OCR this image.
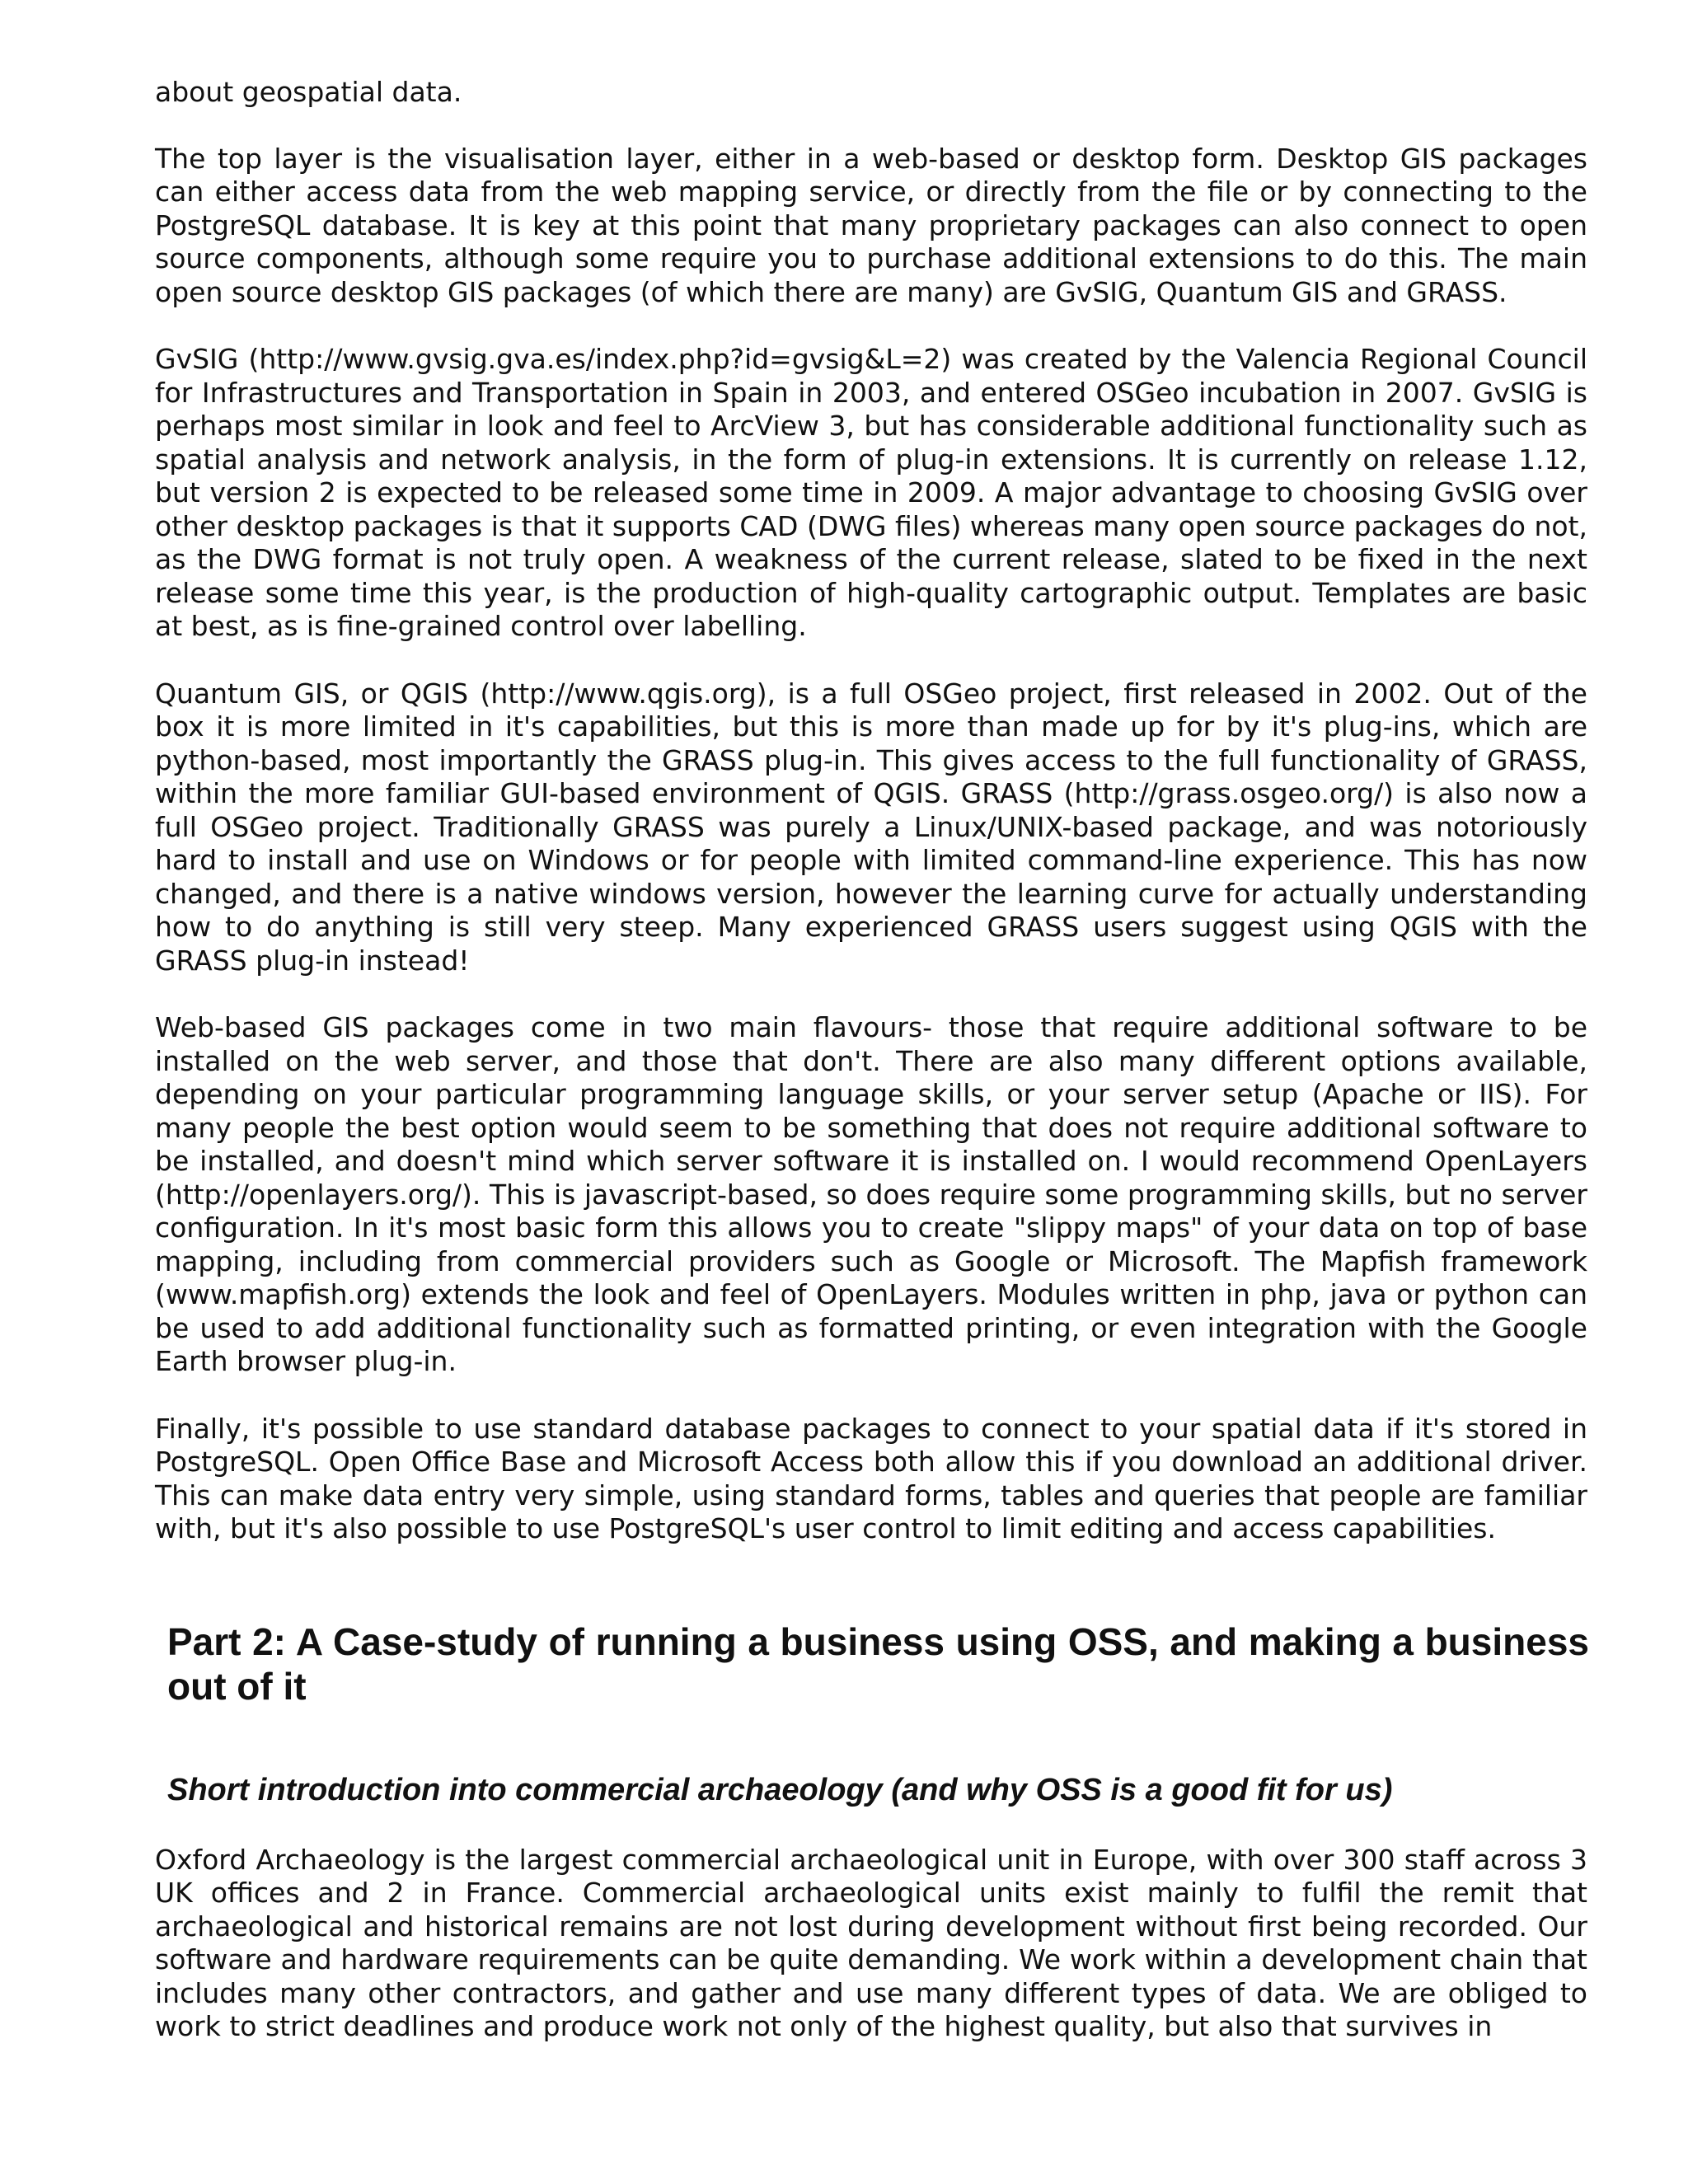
about geospatial data.

The top layer is the visualisation layer, either in a web-based or desktop form. Desktop GIS packages can either access data from the web mapping service, or directly from the file or by connecting to the PostgreSQL database. It is key at this point that many proprietary packages can also connect to open source components, although some require you to purchase additional extensions to do this. The main open source desktop GIS packages (of which there are many) are GvSIG, Quantum GIS and GRASS.

GvSIG (http://www.gvsig.gva.es/index.php?id=gvsig&L=2) was created by the Valencia Regional Council for Infrastructures and Transportation in Spain in 2003, and entered OSGeo incubation in 2007. GvSIG is perhaps most similar in look and feel to ArcView 3, but has considerable additional functionality such as spatial analysis and network analysis, in the form of plug-in extensions. It is currently on release 1.12, but version 2 is expected to be released some time in 2009. A major advantage to choosing GvSIG over other desktop packages is that it supports CAD (DWG files) whereas many open source packages do not, as the DWG format is not truly open. A weakness of the current release, slated to be fixed in the next release some time this year, is the production of high-quality cartographic output. Templates are basic at best, as is fine-grained control over labelling.

Quantum GIS, or QGIS (http://www.qgis.org), is a full OSGeo project, first released in 2002. Out of the box it is more limited in it's capabilities, but this is more than made up for by it's plug-ins, which are python-based, most importantly the GRASS plug-in. This gives access to the full functionality of GRASS, within the more familiar GUI-based environment of QGIS. GRASS (http://grass.osgeo.org/) is also now a full OSGeo project. Traditionally GRASS was purely a Linux/UNIX-based package, and was notoriously hard to install and use on Windows or for people with limited command-line experience. This has now changed, and there is a native windows version, however the learning curve for actually understanding how to do anything is still very steep. Many experienced GRASS users suggest using QGIS with the GRASS plug-in instead!

Web-based GIS packages come in two main flavours- those that require additional software to be installed on the web server, and those that don't. There are also many different options available, depending on your particular programming language skills, or your server setup (Apache or IIS). For many people the best option would seem to be something that does not require additional software to be installed, and doesn't mind which server software it is installed on. I would recommend OpenLayers (http://openlayers.org/). This is javascript-based, so does require some programming skills, but no server configuration. In it's most basic form this allows you to create "slippy maps" of your data on top of base mapping, including from commercial providers such as Google or Microsoft. The Mapfish framework (www.mapfish.org) extends the look and feel of OpenLayers. Modules written in php, java or python can be used to add additional functionality such as formatted printing, or even integration with the Google Earth browser plug-in.

Finally, it's possible to use standard database packages to connect to your spatial data if it's stored in PostgreSQL. Open Office Base and Microsoft Access both allow this if you download an additional driver. This can make data entry very simple, using standard forms, tables and queries that people are familiar with, but it's also possible to use PostgreSQL's user control to limit editing and access capabilities.

Part 2: A Case-study of running a business using OSS, and making a business out of it
Short introduction into commercial archaeology (and why OSS is a good fit for us)

Oxford Archaeology is the largest commercial archaeological unit in Europe, with over 300 staff across 3 UK offices and 2 in France. Commercial archaeological units exist mainly to fulfil the remit that archaeological and historical remains are not lost during development without first being recorded. Our software and hardware requirements can be quite demanding. We work within a development chain that includes many other contractors, and gather and use many different types of data. We are obliged to work to strict deadlines and produce work not only of the highest quality, but also that survives in
